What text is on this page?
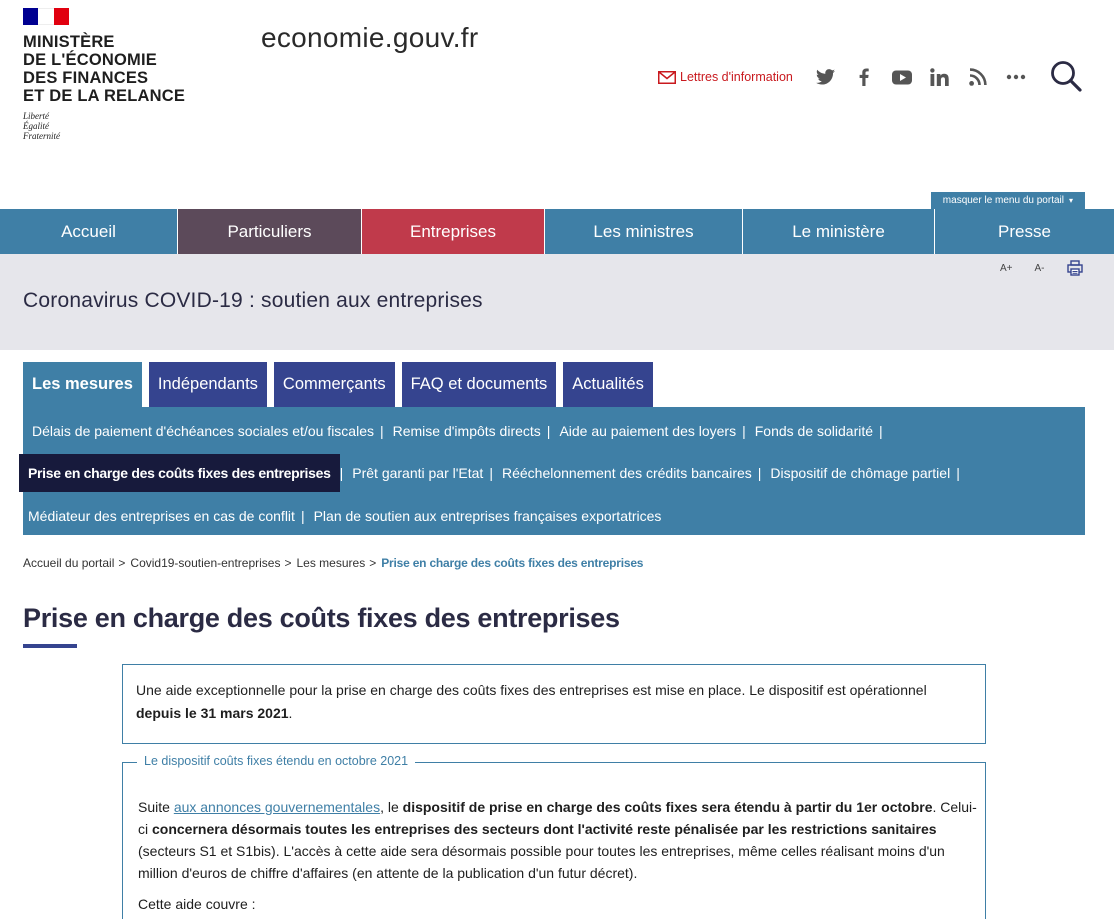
MINISTÈRE
DE L'ÉCONOMIE
DES FINANCES
ET DE LA RELANCE
Liberté
Égalité
Fraternité
economie.gouv.fr
Lettres d'information
masquer le menu du portail ▾
Accueil	Particuliers	Entreprises	Les ministres	Le ministère	Presse
A+ A-
Coronavirus COVID-19 : soutien aux entreprises
Les mesures	Indépendants	Commerçants	FAQ et documents	Actualités
Délais de paiement d'échéances sociales et/ou fiscales | Remise d'impôts directs | Aide au paiement des loyers | Fonds de solidarité |
Prise en charge des coûts fixes des entreprises | Prêt garanti par l'Etat | Rééchelonnement des crédits bancaires | Dispositif de chômage partiel |
Médiateur des entreprises en cas de conflit | Plan de soutien aux entreprises françaises exportatrices
Accueil du portail > Covid19-soutien-entreprises > Les mesures > Prise en charge des coûts fixes des entreprises
Prise en charge des coûts fixes des entreprises
Une aide exceptionnelle pour la prise en charge des coûts fixes des entreprises est mise en place. Le dispositif est opérationnel depuis le 31 mars 2021.
Le dispositif coûts fixes étendu en octobre 2021

Suite aux annonces gouvernementales, le dispositif de prise en charge des coûts fixes sera étendu à partir du 1er octobre. Celui-ci concernera désormais toutes les entreprises des secteurs dont l'activité reste pénalisée par les restrictions sanitaires (secteurs S1 et S1bis). L'accès à cette aide sera désormais possible pour toutes les entreprises, même celles réalisant moins d'un million d'euros de chiffre d'affaires (en attente de la publication d'un futur décret).

Cette aide couvre :
